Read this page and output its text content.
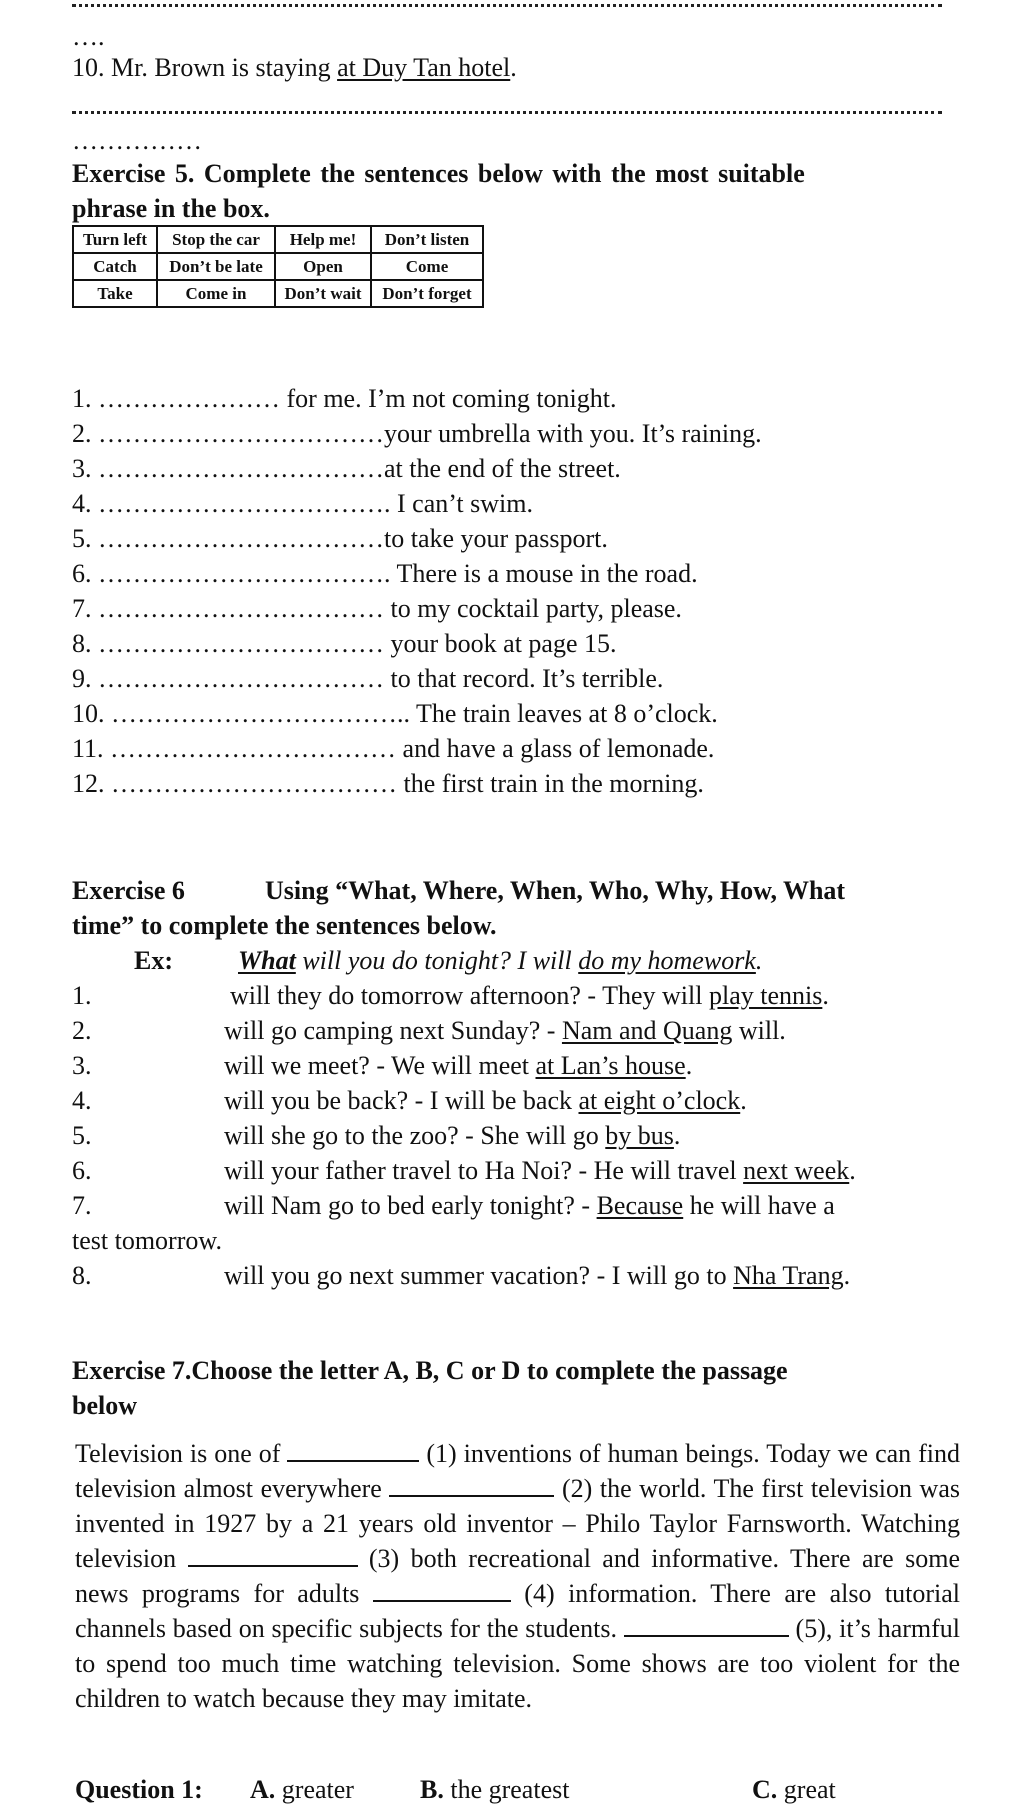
….
10. Mr. Brown is staying at Duy Tan hotel.
……………
Exercise 5. Complete the sentences below with the most suitable
phrase in the box.
Turn left	Stop the car	Help me!	Don’t listen
Catch	Don’t be late	Open	Come
Take	Come in	Don’t wait	Don’t forget
1. ………………… for me. I’m not coming tonight.
2. ……………………………your umbrella with you. It’s raining.
3. ……………………………at the end of the street.
4. ……………………………. I can’t swim.
5. ……………………………to take your passport.
6. ……………………………. There is a mouse in the road.
7. …………………………… to my cocktail party, please.
8. …………………………… your book at page 15.
9. …………………………… to that record. It’s terrible.
10. …………………………….. The train leaves at 8 o’clock.
11. …………………………… and have a glass of lemonade.
12. …………………………… the first train in the morning.
Exercise 6	Using “What, Where, When, Who, Why, How, What
time” to complete the sentences below.
Ex:	What will you do tonight? I will do my homework.
1.	will they do tomorrow afternoon? - They will play tennis.
2.	will go camping next Sunday? - Nam and Quang will.
3.	will we meet? - We will meet at Lan’s house.
4.	will you be back? - I will be back at eight o’clock.
5.	will she go to the zoo? - She will go by bus.
6.	will your father travel to Ha Noi? - He will travel next week.
7.	will Nam go to bed early tonight? - Because he will have a
test tomorrow.
8.	will you go next summer vacation? - I will go to Nha Trang.
Exercise 7.Choose the letter A, B, C or D to complete the passage
below
Television is one of	(1) inventions of human beings. Today we can find television almost everywhere	(2) the world. The first television was invented in 1927 by a 21 years old inventor – Philo Taylor Farnsworth. Watching television	(3) both recreational and informative. There are some news programs for adults	(4) information. There are also tutorial channels based on specific subjects for the students.	(5), it’s harmful to spend too much time watching television. Some shows are too violent for the children to watch because they may imitate.
Question 1: A. greater	B. the greatest	C. great
